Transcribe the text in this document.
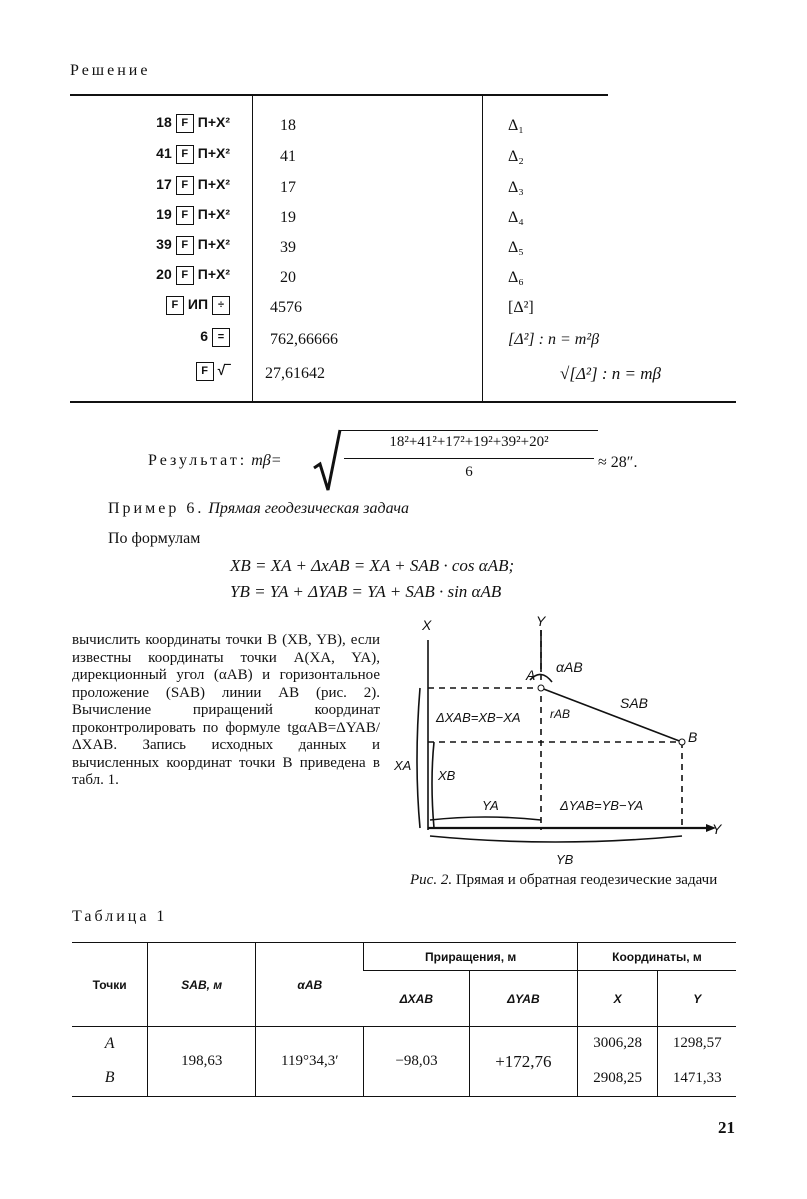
Решение
18 F П+Х²	18	Δ₁
41 F П+Х²	41	Δ₂
17 F П+Х²	17	Δ₃
19 F П+Х²	19	Δ₄
39 F П+Х²	39	Δ₅
20 F П+Х²	20	Δ₆
F ИП ÷	4576	[Δ²]
6 =	762,66666	[Δ²] : n = m²β
F √‾ 27,61642	√[Δ²] : n = mβ
Результат: mβ=
18²+41²+17²+19²+39²+20²
6
≈ 28″.
Пример 6. Прямая геодезическая задача
По формулам
XB = XA + ΔxAB = XA + SAB · cos αAB;
YB = YA + ΔYAB = YA + SAB · sin αAB
вычислить координаты точки B (XB, YB), если известны координаты точки A(XA, YA), дирекционный угол (αAB) и горизонтальное проложение (SAB) линии AB (рис. 2). Вычисление приращений координат проконтролировать по формуле tgαAB=ΔYAB/ΔXAB. Запись исходных данных и вычисленных координат точки B приведена в табл. 1.
X	Y
A αAB
SAB
rAB
B
ΔXAB=XB−XA
XA
XB
YA	ΔYAB=YB−YA
YB
Y
Рис. 2. Прямая и обратная геодезические задачи
Таблица 1
Точки	SAB, м	αAB	Приращения, м		Координаты, м	
			ΔXAB	ΔYAB	X	Y
A	198,63	119°34,3′	−98,03	+172,76	3006,28	1298,57
B					2908,25	1471,33
21
